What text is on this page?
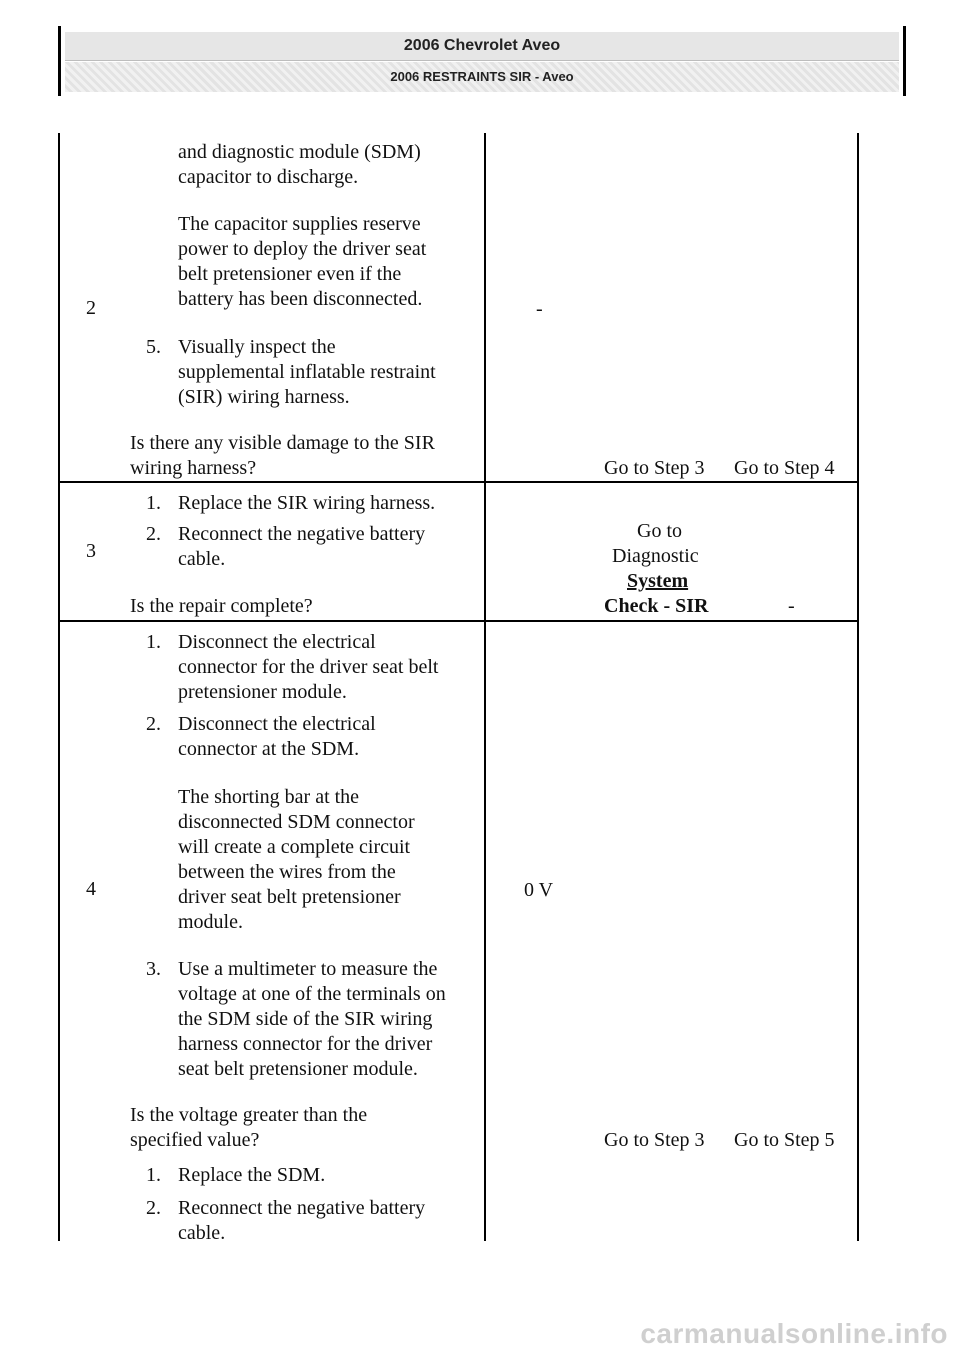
2006 Chevrolet Aveo
2006 RESTRAINTS SIR - Aveo
2
and diagnostic module (SDM)
capacitor to discharge.
The capacitor supplies reserve
power to deploy the driver seat
belt pretensioner even if the
battery has been disconnected.
5. Visually inspect the
supplemental inflatable restraint
(SIR) wiring harness.
Is there any visible damage to the SIR
wiring harness?
-
Go to Step 3 Go to Step 4
3
1. Replace the SIR wiring harness.
2. Reconnect the negative battery
cable.
Is the repair complete?
Go to
Diagnostic
System
Check - SIR	-
4
1. Disconnect the electrical
connector for the driver seat belt
pretensioner module.
2. Disconnect the electrical
connector at the SDM.
The shorting bar at the
disconnected SDM connector
will create a complete circuit
between the wires from the
driver seat belt pretensioner
module.
3. Use a multimeter to measure the
voltage at one of the terminals on
the SDM side of the SIR wiring
harness connector for the driver
seat belt pretensioner module.
Is the voltage greater than the
specified value?
0 V
Go to Step 3 Go to Step 5
1. Replace the SDM.
2. Reconnect the negative battery
cable.
carmanualsonline.info
